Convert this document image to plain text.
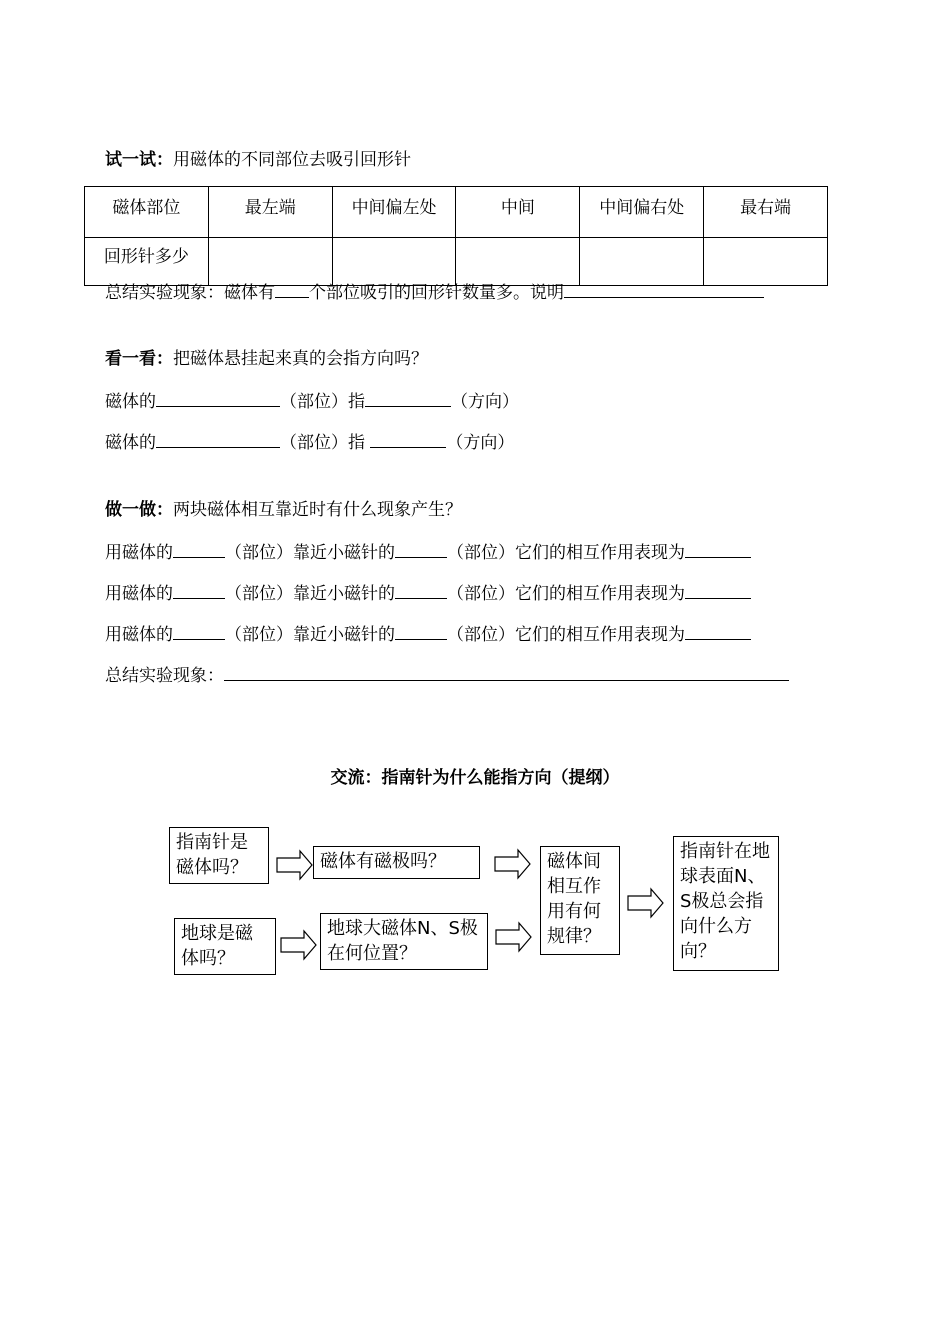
试一试：用磁体的不同部位去吸引回形针
磁体部位	最左端	中间偏左处	中间	中间偏右处	最右端
回形针多少					
总结实验现象：磁体有 个部位吸引的回形针数量多。说明
看一看：把磁体悬挂起来真的会指方向吗？
磁体的	（部位）指	（方向）
磁体的	（部位）指	（方向）
做一做：两块磁体相互靠近时有什么现象产生？
用磁体的	（部位）靠近小磁针的	（部位）它们的相互作用表现为
用磁体的	（部位）靠近小磁针的	（部位）它们的相互作用表现为
用磁体的	（部位）靠近小磁针的	（部位）它们的相互作用表现为
总结实验现象：
交流：指南针为什么能指方向（提纲）
指南针是磁体吗？	磁体有磁极吗？
地球是磁体吗？
地球大磁体N、S极在何位置？
磁体间相互作用有何规律？
指南针在地球表面N、S极总会指向什么方向？
